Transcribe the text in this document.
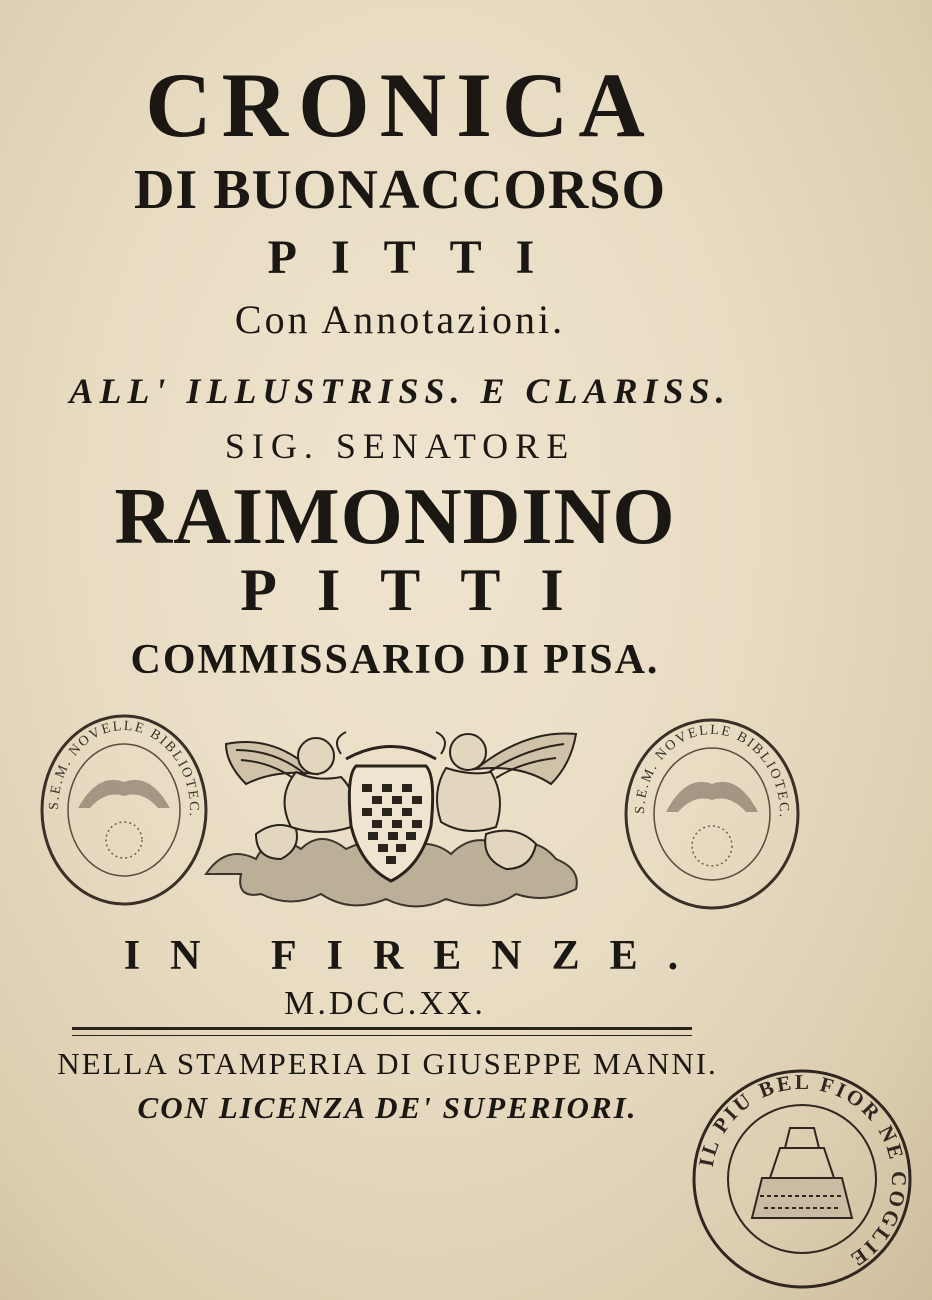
CRONICA
DI BUONACCORSO
PITTI
Con Annotazioni.
ALL' ILLUSTRISS. E CLARISS.
SIG. SENATORE
RAIMONDINO
PITTI
COMMISSARIO DI PISA.
S.E.M. NOVELLE BIBLIOTEC.
S.E.M. NOVELLE BIBLIOTEC.
IN FIRENZE.
M.DCC.XX.
NELLA STAMPERIA DI GIUSEPPE MANNI.
CON LICENZA DE' SUPERIORI.
IL PIU BEL FIOR NE COGLIE
